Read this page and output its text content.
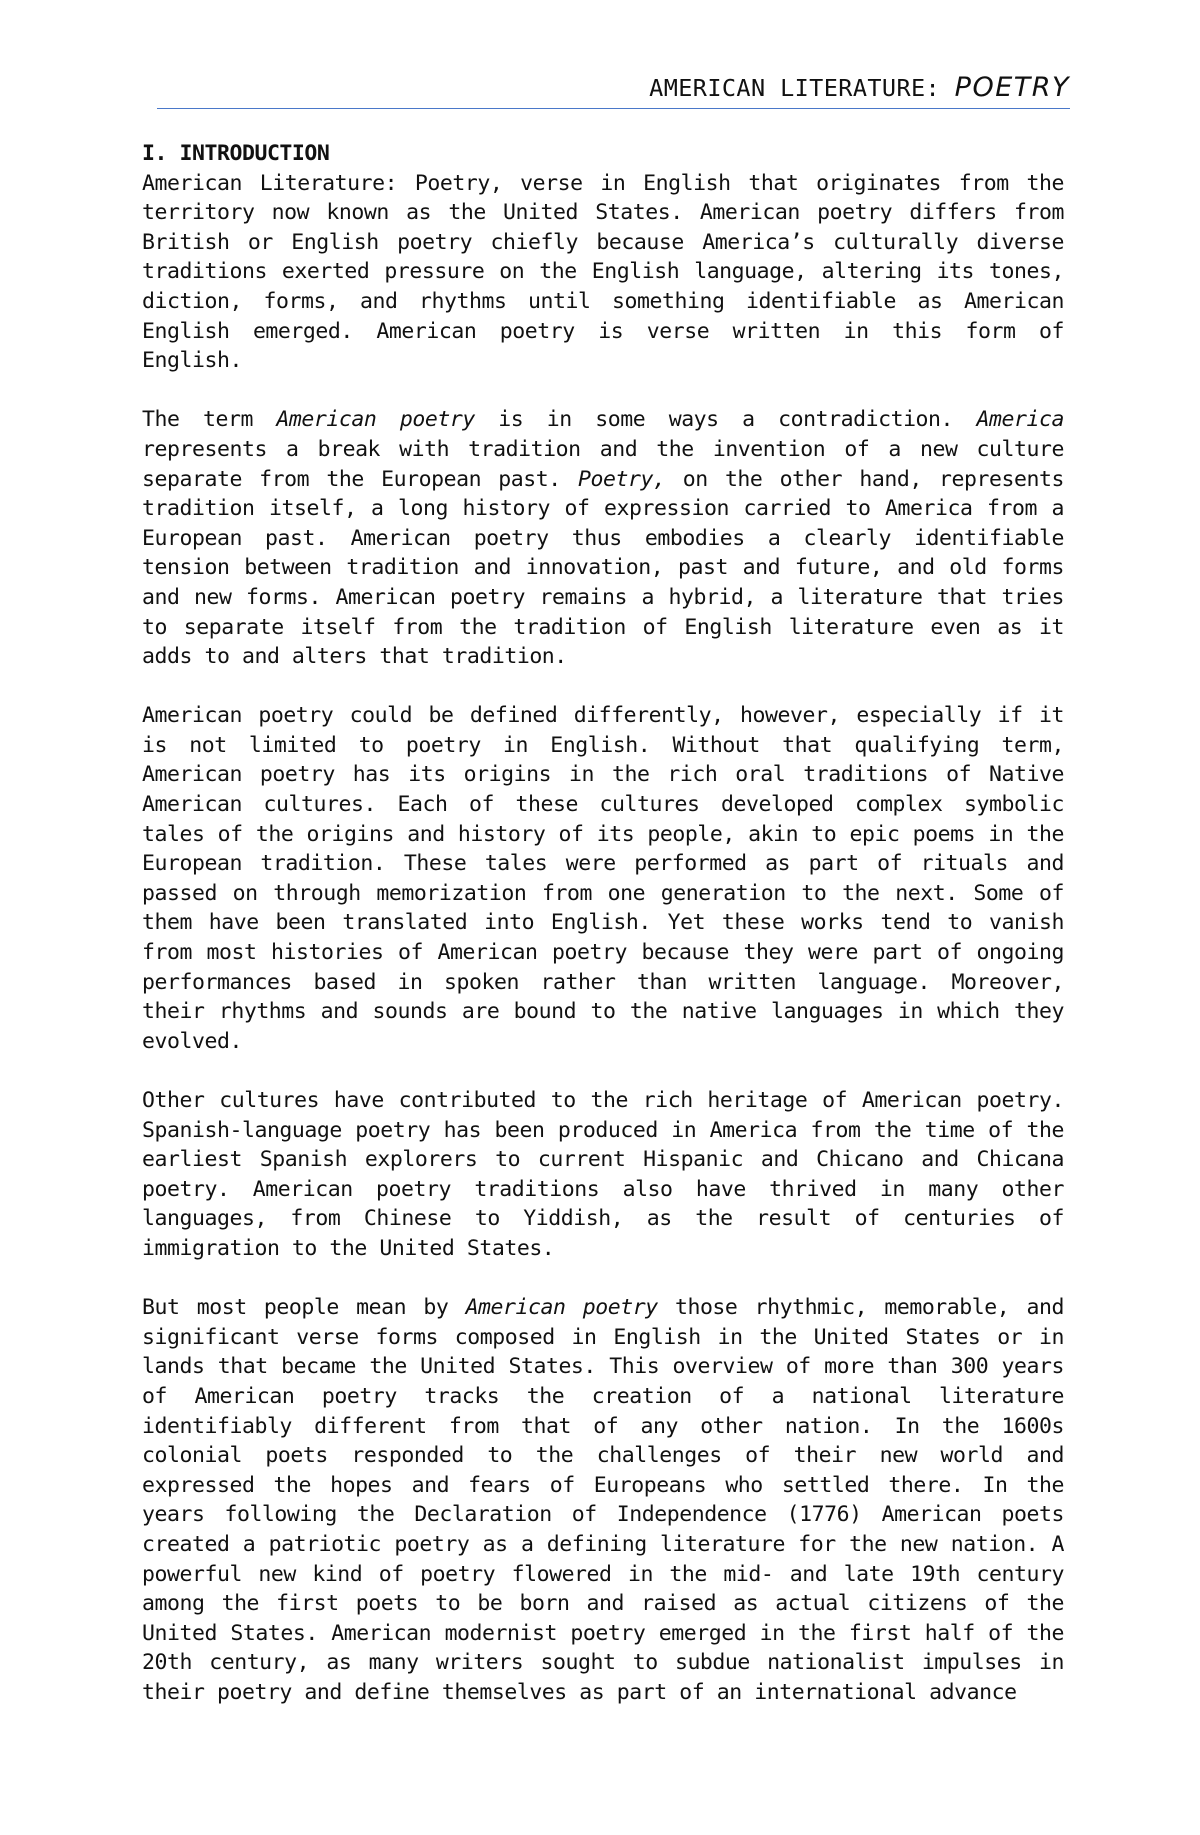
AMERICAN LITERATURE: POETRY

I. INTRODUCTION

American Literature: Poetry, verse in English that originates from the territory now known as the United States. American poetry differs from British or English poetry chiefly because America’s culturally diverse traditions exerted pressure on the English language, altering its tones, diction, forms, and rhythms until something identifiable as American English emerged. American poetry is verse written in this form of English.

The term American poetry is in some ways a contradiction. America represents a break with tradition and the invention of a new culture separate from the European past. Poetry, on the other hand, represents tradition itself, a long history of expression carried to America from a European past. American poetry thus embodies a clearly identifiable tension between tradition and innovation, past and future, and old forms and new forms. American poetry remains a hybrid, a literature that tries to separate itself from the tradition of English literature even as it adds to and alters that tradition.

American poetry could be defined differently, however, especially if it is not limited to poetry in English. Without that qualifying term, American poetry has its origins in the rich oral traditions of Native American cultures. Each of these cultures developed complex symbolic tales of the origins and history of its people, akin to epic poems in the European tradition. These tales were performed as part of rituals and passed on through memorization from one generation to the next. Some of them have been translated into English. Yet these works tend to vanish from most histories of American poetry because they were part of ongoing performances based in spoken rather than written language. Moreover, their rhythms and sounds are bound to the native languages in which they evolved.

Other cultures have contributed to the rich heritage of American poetry. Spanish-language poetry has been produced in America from the time of the earliest Spanish explorers to current Hispanic and Chicano and Chicana poetry. American poetry traditions also have thrived in many other languages, from Chinese to Yiddish, as the result of centuries of immigration to the United States.

But most people mean by American poetry those rhythmic, memorable, and significant verse forms composed in English in the United States or in lands that became the United States. This overview of more than 300 years of American poetry tracks the creation of a national literature identifiably different from that of any other nation. In the 1600s colonial poets responded to the challenges of their new world and expressed the hopes and fears of Europeans who settled there. In the years following the Declaration of Independence (1776) American poets created a patriotic poetry as a defining literature for the new nation. A powerful new kind of poetry flowered in the mid- and late 19th century among the first poets to be born and raised as actual citizens of the United States. American modernist poetry emerged in the first half of the 20th century, as many writers sought to subdue nationalist impulses in their poetry and define themselves as part of an international advance
